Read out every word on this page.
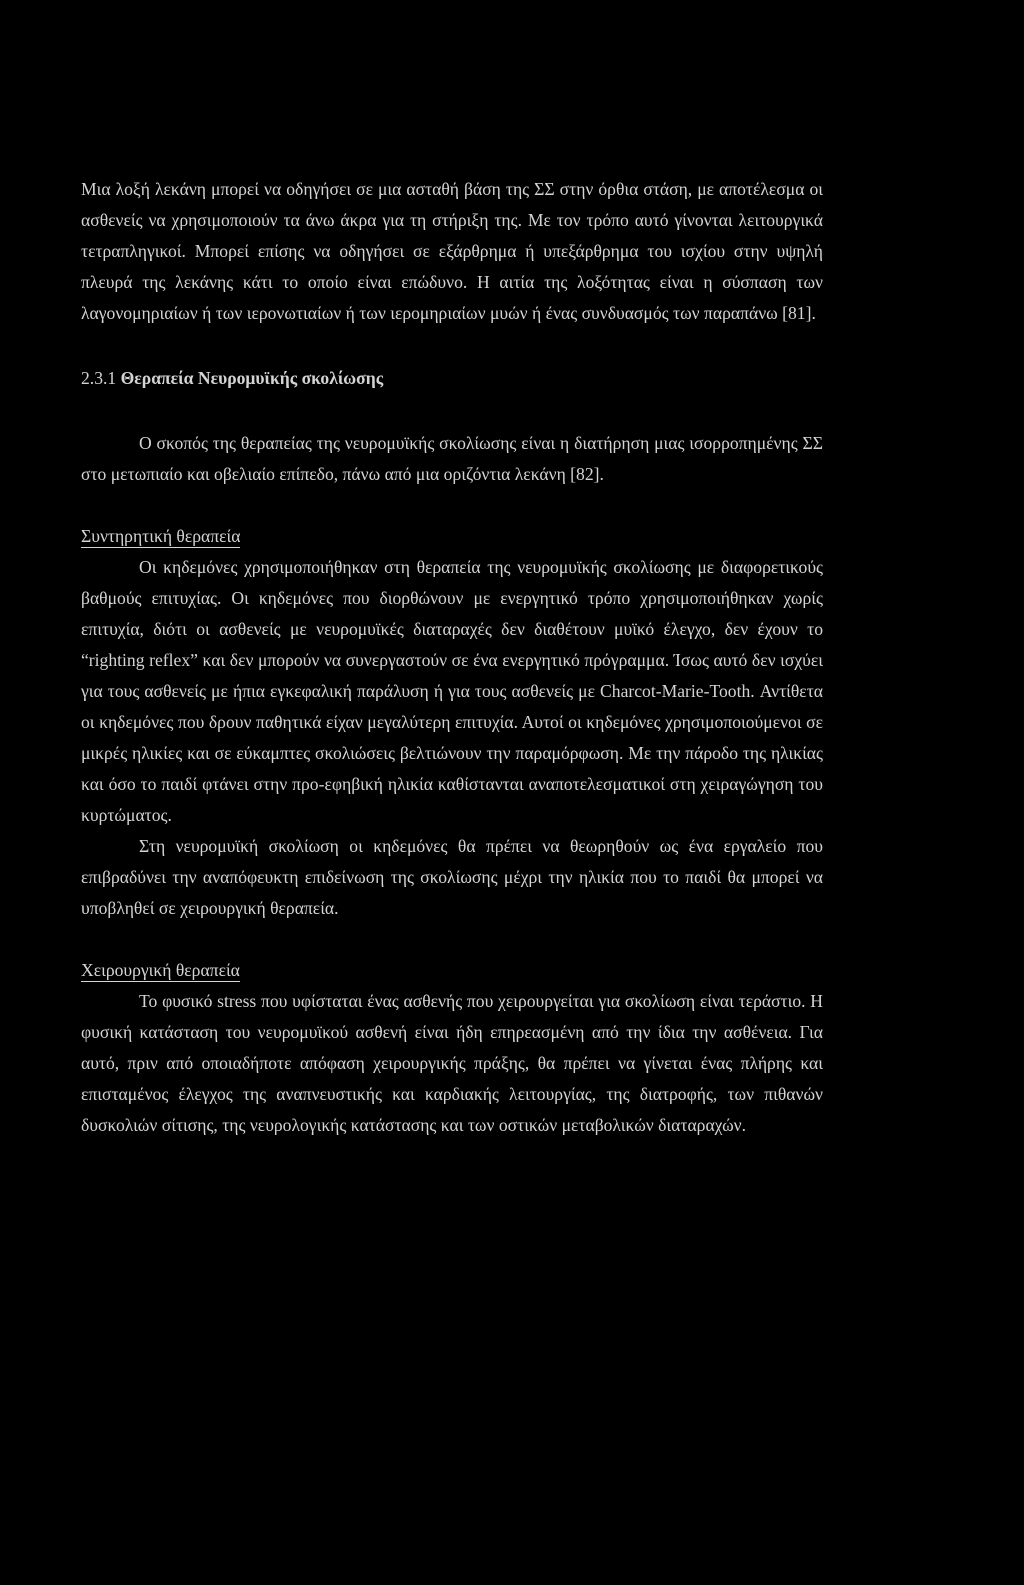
Μια λοξή λεκάνη μπορεί να οδηγήσει σε μια ασταθή βάση της ΣΣ στην όρθια στάση, με αποτέλεσμα οι ασθενείς να χρησιμοποιούν τα άνω άκρα για τη στήριξη της. Με τον τρόπο αυτό γίνονται λειτουργικά τετραπληγικοί. Μπορεί επίσης να οδηγήσει σε εξάρθρημα ή υπεξάρθρημα του ισχίου στην υψηλή πλευρά της λεκάνης κάτι το οποίο είναι επώδυνο. Η αιτία της λοξότητας είναι η σύσπαση των λαγονομηριαίων ή των ιερονωτιαίων ή των ιερομηριαίων μυών ή ένας συνδυασμός των παραπάνω [81].

2.3.1 Θεραπεία Νευρομυϊκής σκολίωσης

Ο σκοπός της θεραπείας της νευρομυϊκής σκολίωσης είναι η διατήρηση μιας ισορροπημένης ΣΣ στο μετωπιαίο και οβελιαίο επίπεδο, πάνω από μια οριζόντια λεκάνη [82].

Συντηρητική θεραπεία

Οι κηδεμόνες χρησιμοποιήθηκαν στη θεραπεία της νευρομυϊκής σκολίωσης με διαφορετικούς βαθμούς επιτυχίας. Οι κηδεμόνες που διορθώνουν με ενεργητικό τρόπο χρησιμοποιήθηκαν χωρίς επιτυχία, διότι οι ασθενείς με νευρομυϊκές διαταραχές δεν διαθέτουν μυϊκό έλεγχο, δεν έχουν το “righting reflex” και δεν μπορούν να συνεργαστούν σε ένα ενεργητικό πρόγραμμα. Ίσως αυτό δεν ισχύει για τους ασθενείς με ήπια εγκεφαλική παράλυση ή για τους ασθενείς με Charcot-Marie-Tooth. Αντίθετα οι κηδεμόνες που δρουν παθητικά είχαν μεγαλύτερη επιτυχία. Αυτοί οι κηδεμόνες χρησιμοποιούμενοι σε μικρές ηλικίες και σε εύκαμπτες σκολιώσεις βελτιώνουν την παραμόρφωση. Με την πάροδο της ηλικίας και όσο το παιδί φτάνει στην προ-εφηβική ηλικία καθίστανται αναποτελεσματικοί στη χειραγώγηση του κυρτώματος.

Στη νευρομυϊκή σκολίωση οι κηδεμόνες θα πρέπει να θεωρηθούν ως ένα εργαλείο που επιβραδύνει την αναπόφευκτη επιδείνωση της σκολίωσης μέχρι την ηλικία που το παιδί θα μπορεί να υποβληθεί σε χειρουργική θεραπεία.

Χειρουργική θεραπεία

Το φυσικό stress που υφίσταται ένας ασθενής που χειρουργείται για σκολίωση είναι τεράστιο. Η φυσική κατάσταση του νευρομυϊκού ασθενή είναι ήδη επηρεασμένη από την ίδια την ασθένεια. Για αυτό, πριν από οποιαδήποτε απόφαση χειρουργικής πράξης, θα πρέπει να γίνεται ένας πλήρης και επισταμένος έλεγχος της αναπνευστικής και καρδιακής λειτουργίας, της διατροφής, των πιθανών δυσκολιών σίτισης, της νευρολογικής κατάστασης και των οστικών μεταβολικών διαταραχών.
